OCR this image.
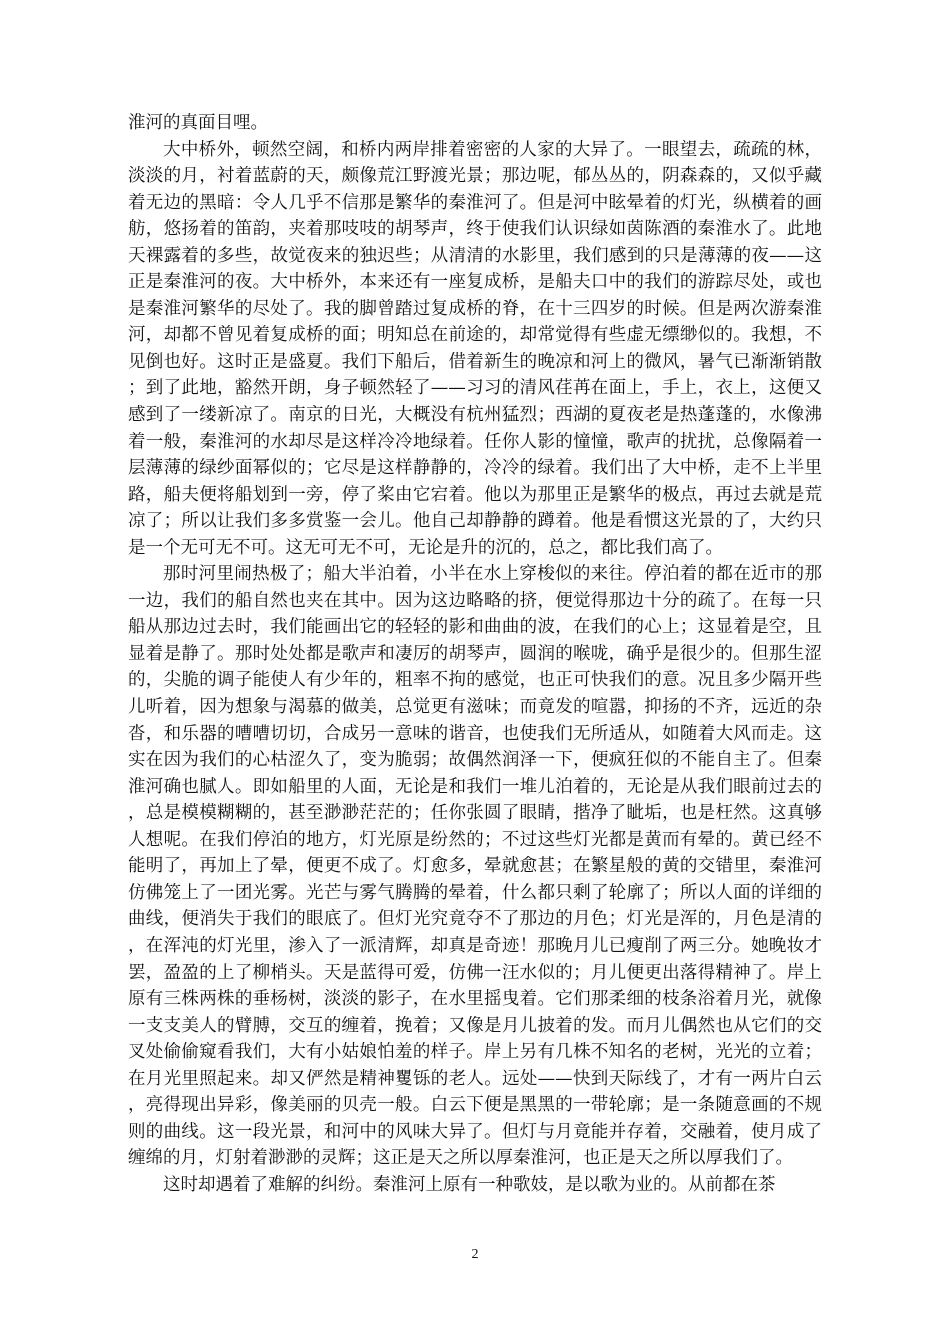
淮河的真面目哩。

大中桥外，顿然空阔，和桥内两岸排着密密的人家的大异了。一眼望去，疏疏的林，淡淡的月，衬着蓝蔚的天，颇像荒江野渡光景；那边呢，郁丛丛的，阴森森的，又似乎藏着无边的黑暗：令人几乎不信那是繁华的秦淮河了。但是河中眩晕着的灯光，纵横着的画舫，悠扬着的笛韵，夹着那吱吱的胡琴声，终于使我们认识绿如茵陈酒的秦淮水了。此地天裸露着的多些，故觉夜来的独迟些；从清清的水影里，我们感到的只是薄薄的夜——这正是秦淮河的夜。大中桥外，本来还有一座复成桥，是船夫口中的我们的游踪尽处，或也是秦淮河繁华的尽处了。我的脚曾踏过复成桥的脊，在十三四岁的时候。但是两次游秦淮河，却都不曾见着复成桥的面；明知总在前途的，却常觉得有些虚无缥缈似的。我想，不见倒也好。这时正是盛夏。我们下船后，借着新生的晚凉和河上的微风，暑气已渐渐销散；到了此地，豁然开朗，身子顿然轻了——习习的清风荏苒在面上，手上，衣上，这便又感到了一缕新凉了。南京的日光，大概没有杭州猛烈；西湖的夏夜老是热蓬蓬的，水像沸着一般，秦淮河的水却尽是这样冷冷地绿着。任你人影的憧憧，歌声的扰扰，总像隔着一层薄薄的绿纱面幂似的；它尽是这样静静的，冷冷的绿着。我们出了大中桥，走不上半里路，船夫便将船划到一旁，停了桨由它宕着。他以为那里正是繁华的极点，再过去就是荒凉了；所以让我们多多赏鉴一会儿。他自己却静静的蹲着。他是看惯这光景的了，大约只是一个无可无不可。这无可无不可，无论是升的沉的，总之，都比我们高了。

那时河里闹热极了；船大半泊着，小半在水上穿梭似的来往。停泊着的都在近市的那一边，我们的船自然也夹在其中。因为这边略略的挤，便觉得那边十分的疏了。在每一只船从那边过去时，我们能画出它的轻轻的影和曲曲的波，在我们的心上；这显着是空，且显着是静了。那时处处都是歌声和凄厉的胡琴声，圆润的喉咙，确乎是很少的。但那生涩的，尖脆的调子能使人有少年的，粗率不拘的感觉，也正可快我们的意。况且多少隔开些儿听着，因为想象与渴慕的做美，总觉更有滋味；而竟发的喧嚣，抑扬的不齐，远近的杂沓，和乐器的嘈嘈切切，合成另一意味的谐音，也使我们无所适从，如随着大风而走。这实在因为我们的心枯涩久了，变为脆弱；故偶然润泽一下，便疯狂似的不能自主了。但秦淮河确也腻人。即如船里的人面，无论是和我们一堆儿泊着的，无论是从我们眼前过去的，总是模模糊糊的，甚至渺渺茫茫的；任你张圆了眼睛，揩净了眦垢，也是枉然。这真够人想呢。在我们停泊的地方，灯光原是纷然的；不过这些灯光都是黄而有晕的。黄已经不能明了，再加上了晕，便更不成了。灯愈多，晕就愈甚；在繁星般的黄的交错里，秦淮河仿佛笼上了一团光雾。光芒与雾气腾腾的晕着，什么都只剩了轮廓了；所以人面的详细的曲线，便消失于我们的眼底了。但灯光究竟夺不了那边的月色；灯光是浑的，月色是清的，在浑沌的灯光里，渗入了一派清辉，却真是奇迹！那晚月儿已瘦削了两三分。她晚妆才罢，盈盈的上了柳梢头。天是蓝得可爱，仿佛一汪水似的；月儿便更出落得精神了。岸上原有三株两株的垂杨树，淡淡的影子，在水里摇曳着。它们那柔细的枝条浴着月光，就像一支支美人的臂膊，交互的缠着，挽着；又像是月儿披着的发。而月儿偶然也从它们的交叉处偷偷窥看我们，大有小姑娘怕羞的样子。岸上另有几株不知名的老树，光光的立着；在月光里照起来。却又俨然是精神矍铄的老人。远处——快到天际线了，才有一两片白云，亮得现出异彩，像美丽的贝壳一般。白云下便是黑黑的一带轮廓；是一条随意画的不规则的曲线。这一段光景，和河中的风味大异了。但灯与月竟能并存着，交融着，使月成了缠绵的月，灯射着渺渺的灵辉；这正是天之所以厚秦淮河，也正是天之所以厚我们了。

这时却遇着了难解的纠纷。秦淮河上原有一种歌妓，是以歌为业的。从前都在茶

2
